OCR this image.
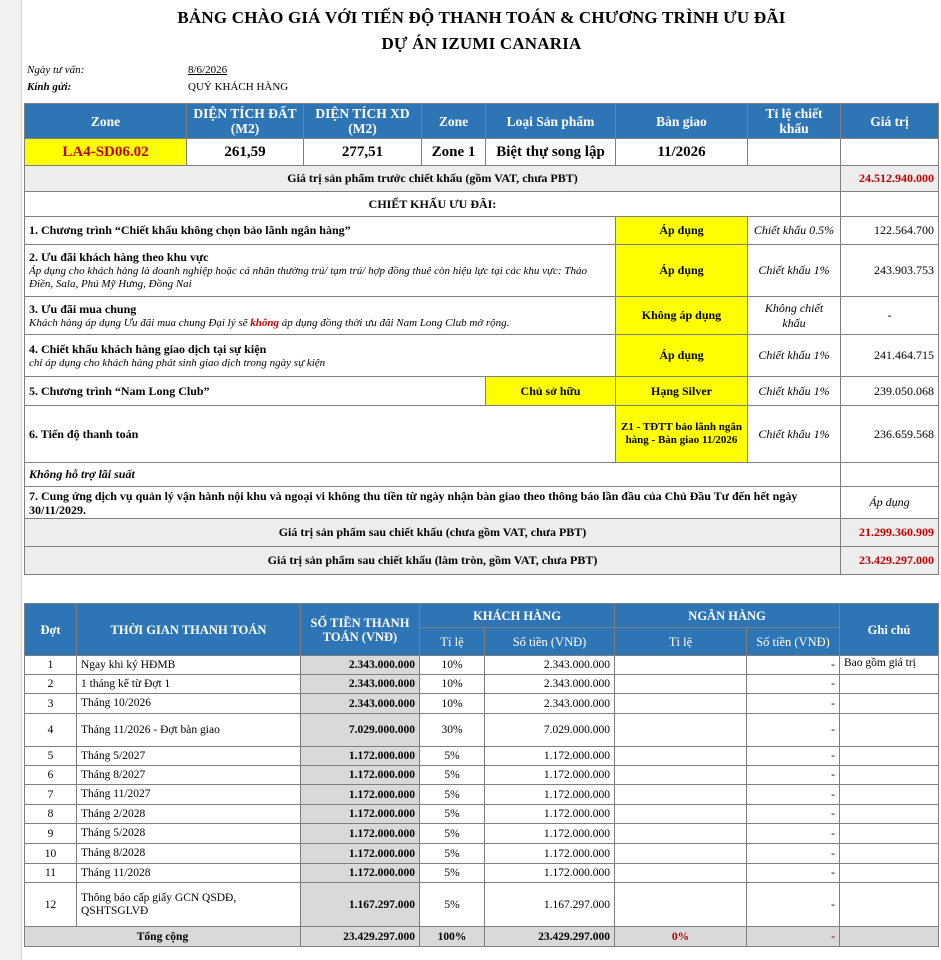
BẢNG CHÀO GIÁ VỚI TIẾN ĐỘ THANH TOÁN & CHƯƠNG TRÌNH ƯU ĐÃI
DỰ ÁN IZUMI CANARIA
Ngày tư vấn:	8/6/2026
Kính gửi:	QUÝ KHÁCH HÀNG
Zone	DIỆN TÍCH ĐẤT (M2)	DIỆN TÍCH XD (M2)	Zone	Loại Sản phẩm	Bàn giao	Tỉ lệ chiết khấu	Giá trị
LA4-SD06.02	261,59	277,51	Zone 1	Biệt thự song lập	11/2026		
Giá trị sản phẩm trước chiết khấu (gồm VAT, chưa PBT)							24.512.940.000
CHIẾT KHẤU ƯU ĐÃI:							
1. Chương trình “Chiết khấu không chọn bảo lãnh ngân hàng”					Áp dụng	Chiết khấu 0.5%	122.564.700

2. Ưu đãi khách hàng theo khu vực
Áp dụng cho khách hàng là doanh nghiệp hoặc cá nhân thường trú/ tạm trú/ hợp đồng thuê còn hiệu lực tại các khu vực: Thảo Điền, Sala, Phú Mỹ Hưng, Đồng Nai					Áp dụng	Chiết khấu 1%	243.903.753

3. Ưu đãi mua chung
Khách hàng áp dụng Ưu đãi mua chung Đại lý sẽ không áp dụng đồng thời ưu đãi Nam Long Club mở rộng.					Không áp dụng	Không chiết khấu	-

4. Chiết khấu khách hàng giao dịch tại sự kiện
chỉ áp dụng cho khách hàng phát sinh giao dịch trong ngày sự kiện					Áp dụng	Chiết khấu 1%	241.464.715
5. Chương trình “Nam Long Club”				Chủ sở hữu	Hạng Silver	Chiết khấu 1%	239.050.068
6. Tiến độ thanh toán					Z1 - TĐTT bảo lãnh ngân hàng - Bàn giao 11/2026	Chiết khấu 1%	236.659.568
Không hỗ trợ lãi suất							
7. Cung ứng dịch vụ quản lý vận hành nội khu và ngoại vi không thu tiền từ ngày nhận bàn giao theo thông báo lần đầu của Chủ Đầu Tư đến hết ngày 30/11/2029.							Áp dụng
Giá trị sản phẩm sau chiết khấu (chưa gồm VAT, chưa PBT)							21.299.360.909
Giá trị sản phẩm sau chiết khấu (làm tròn, gồm VAT, chưa PBT)							23.429.297.000
Đợt	THỜI GIAN THANH TOÁN	SỐ TIỀN THANH TOÁN (VNĐ)	KHÁCH HÀNG		NGÂN HÀNG		Ghi chú
			Tỉ lệ	Số tiền (VNĐ)	Tỉ lệ	Số tiền (VNĐ)	
1	Ngay khi ký HĐMB	2.343.000.000	10%	2.343.000.000		-	Bao gồm giá trị
2	1 tháng kể từ Đợt 1	2.343.000.000	10%	2.343.000.000		-	
3	Tháng 10/2026	2.343.000.000	10%	2.343.000.000		-	
4	Tháng 11/2026 - Đợt bàn giao	7.029.000.000	30%	7.029.000.000		-	
5	Tháng 5/2027	1.172.000.000	5%	1.172.000.000		-	
6	Tháng 8/2027	1.172.000.000	5%	1.172.000.000		-	
7	Tháng 11/2027	1.172.000.000	5%	1.172.000.000		-	
8	Tháng 2/2028	1.172.000.000	5%	1.172.000.000		-	
9	Tháng 5/2028	1.172.000.000	5%	1.172.000.000		-	
10	Tháng 8/2028	1.172.000.000	5%	1.172.000.000		-	
11	Tháng 11/2028	1.172.000.000	5%	1.172.000.000		-	
12	Thông báo cấp giấy GCN QSDĐ, QSHTSGLVĐ	1.167.297.000	5%	1.167.297.000		-	
Tổng cộng		23.429.297.000	100%	23.429.297.000	0%	-	
